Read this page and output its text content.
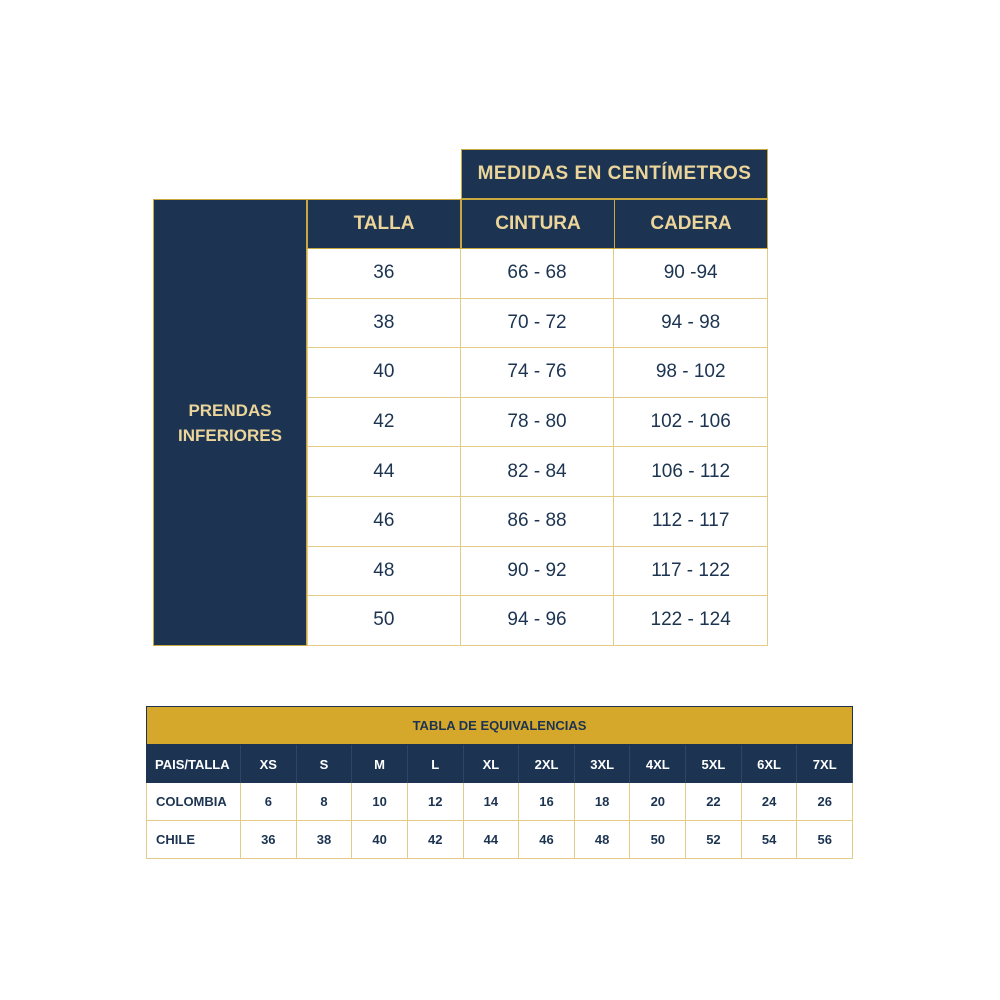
MEDIDAS EN CENTÍMETROS
PRENDAS
INFERIORES
TALLA	CINTURA	CADERA
36	66 - 68	90 -94
38	70 - 72	94 - 98
40	74 - 76	98 - 102
42	78 - 80	102 - 106
44	82 - 84	106 - 112
46	86 - 88	112 - 117
48	90 - 92	117 - 122
50	94 - 96	122 - 124
TABLA DE EQUIVALENCIAS
PAIS/TALLA	XS	S	M	L	XL	2XL	3XL	4XL	5XL	6XL	7XL
COLOMBIA	6	8	10	12	14	16	18	20	22	24	26
CHILE	36	38	40	42	44	46	48	50	52	54	56
